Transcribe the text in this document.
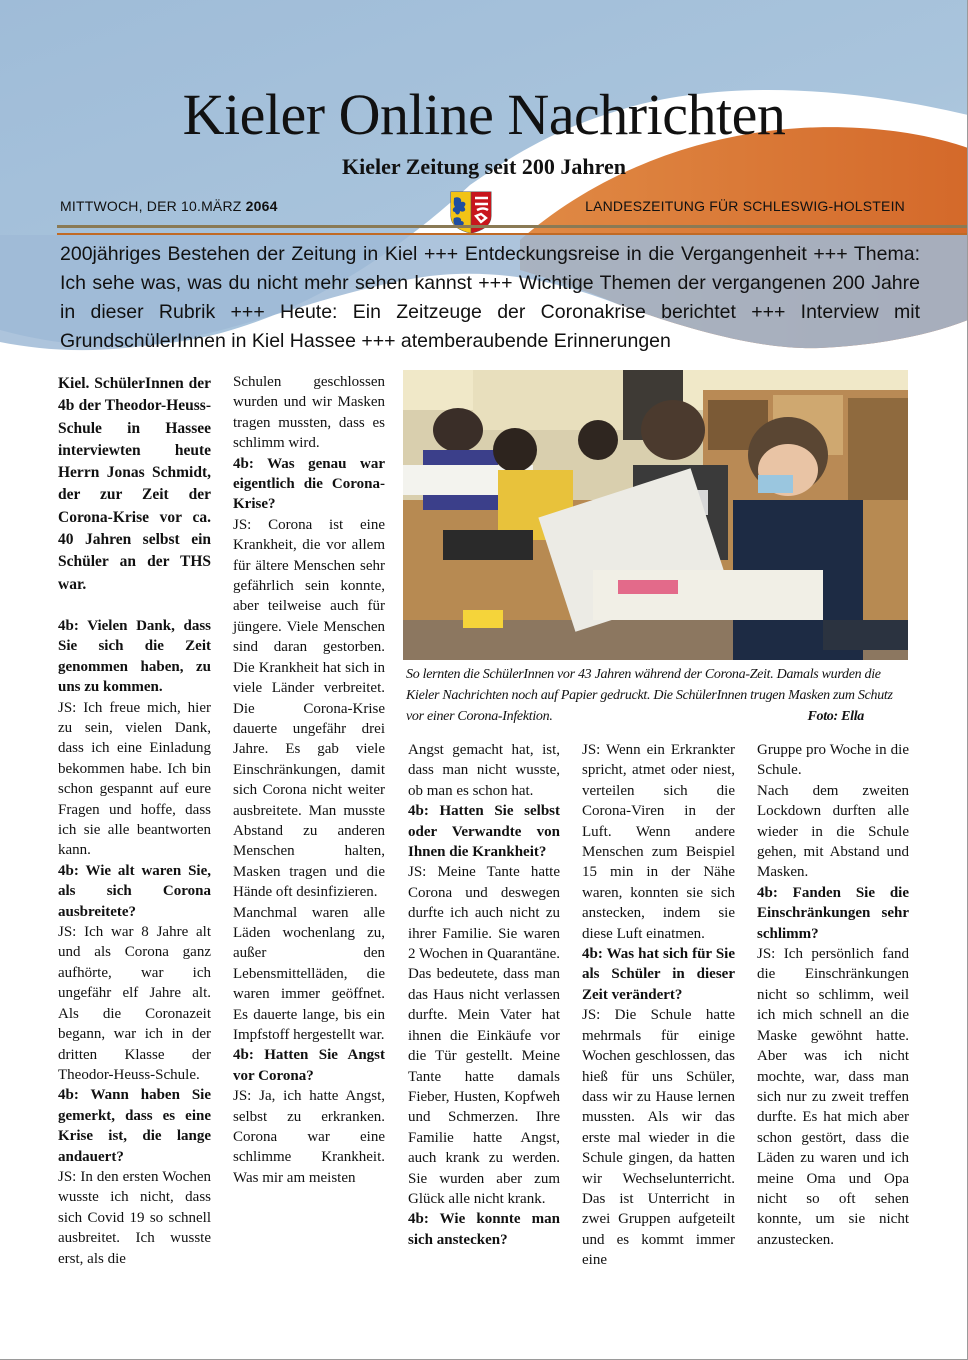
Kieler Online Nachrichten
Kieler Zeitung seit 200 Jahren
MITTWOCH, DER 10.MÄRZ 2064	LANDESZEITUNG FÜR SCHLESWIG-HOLSTEIN
200jähriges Bestehen der Zeitung in Kiel +++ Entdeckungsreise in die Vergangenheit +++ Thema: Ich sehe was, was du nicht mehr sehen kannst +++ Wichtige Themen der vergangenen 200 Jahre in dieser Rubrik +++ Heute: Ein Zeitzeuge der Coronakrise berichtet +++ Interview mit GrundschülerInnen in Kiel Hassee +++ atemberaubende Erinnerungen

Kiel. SchülerInnen der 4b der Theodor-Heuss-Schule in Hassee interviewten heute Herrn Jonas Schmidt, der zur Zeit der Corona-Krise vor ca. 40 Jahren selbst ein Schüler an der THS war.

4b: Vielen Dank, dass Sie sich die Zeit genommen haben, zu uns zu kommen.

JS: Ich freue mich, hier zu sein, vielen Dank, dass ich eine Einladung bekommen habe. Ich bin schon gespannt auf eure Fragen und hoffe, dass ich sie alle beantworten kann.

4b: Wie alt waren Sie, als sich Corona ausbreitete?

JS: Ich war 8 Jahre alt und als Corona ganz aufhörte, war ich ungefähr elf Jahre alt. Als die Coronazeit begann, war ich in der dritten Klasse der Theodor-Heuss-Schule.

4b: Wann haben Sie gemerkt, dass es eine Krise ist, die lange andauert?

JS: In den ersten Wochen wusste ich nicht, dass sich Covid 19 so schnell ausbreitet. Ich wusste erst, als die

Schulen geschlossen wurden und wir Masken tragen mussten, dass es schlimm wird.

4b: Was genau war eigentlich die Corona-Krise?

JS: Corona ist eine Krankheit, die vor allem für ältere Menschen sehr gefährlich sein konnte, aber teilweise auch für jüngere. Viele Menschen sind daran gestorben. Die Krankheit hat sich in viele Länder verbreitet. Die Corona-Krise dauerte ungefähr drei Jahre. Es gab viele Einschränkungen, damit sich Corona nicht weiter ausbreitete. Man musste Abstand zu anderen Menschen halten, Masken tragen und die Hände oft desinfizieren.

Manchmal waren alle Läden wochenlang zu, außer den Lebensmittelläden, die waren immer geöffnet. Es dauerte lange, bis ein Impfstoff hergestellt war.

4b: Hatten Sie Angst vor Corona?

JS: Ja, ich hatte Angst, selbst zu erkranken. Corona war eine schlimme Krankheit. Was mir am meisten

So lernten die SchülerInnen vor 43 Jahren während der Corona-Zeit. Damals wurden die Kieler Nachrichten noch auf Papier gedruckt. Die SchülerInnen trugen Masken zum Schutz vor einer Corona-Infektion.	Foto: Ella

Angst gemacht hat, ist, dass man nicht wusste, ob man es schon hat.

4b: Hatten Sie selbst oder Verwandte von Ihnen die Krankheit?

JS: Meine Tante hatte Corona und deswegen durfte ich auch nicht zu ihrer Familie. Sie waren 2 Wochen in Quarantäne. Das bedeutete, dass man das Haus nicht verlassen durfte. Mein Vater hat ihnen die Einkäufe vor die Tür gestellt. Meine Tante hatte damals Fieber, Husten, Kopfweh und Schmerzen. Ihre Familie hatte Angst, auch krank zu werden. Sie wurden aber zum Glück alle nicht krank.

4b: Wie konnte man sich anstecken?

JS: Wenn ein Erkrankter spricht, atmet oder niest, verteilen sich die Corona-Viren in der Luft. Wenn andere Menschen zum Beispiel 15 min in der Nähe waren, konnten sie sich anstecken, indem sie diese Luft einatmen.

4b: Was hat sich für Sie als Schüler in dieser Zeit verändert?

JS: Die Schule hatte mehrmals für einige Wochen geschlossen, das hieß für uns Schüler, dass wir zu Hause lernen mussten. Als wir das erste mal wieder in die Schule gingen, da hatten wir Wechselunterricht. Das ist Unterricht in zwei Gruppen aufgeteilt und es kommt immer eine

Gruppe pro Woche in die Schule.

Nach dem zweiten Lockdown durften alle wieder in die Schule gehen, mit Abstand und Masken.

4b: Fanden Sie die Einschränkungen sehr schlimm?

JS: Ich persönlich fand die Einschränkungen nicht so schlimm, weil ich mich schnell an die Maske gewöhnt hatte. Aber was ich nicht mochte, war, dass man sich nur zu zweit treffen durfte. Es hat mich aber schon gestört, dass die Läden zu waren und ich meine Oma und Opa nicht so oft sehen konnte, um sie nicht anzustecken.
